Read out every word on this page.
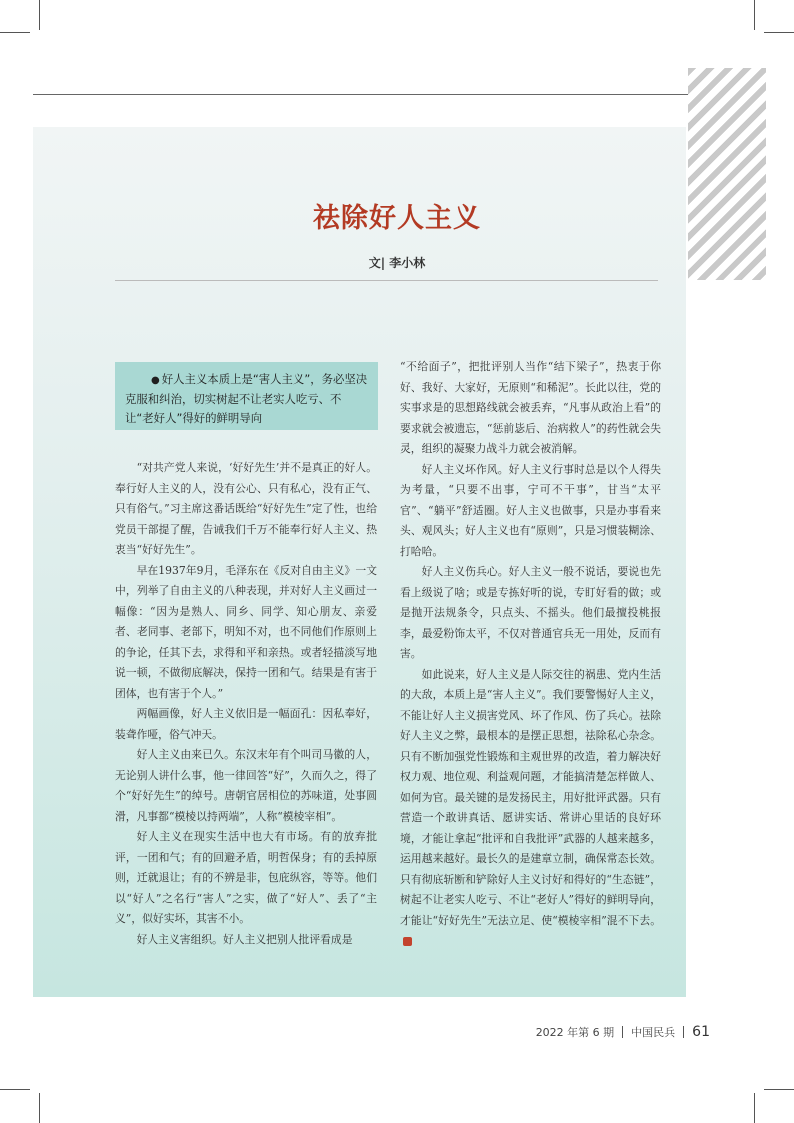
祛除好人主义
文| 李小林
● 好人主义本质上是“害人主义”，务必坚决克服和纠治，切实树起不让老实人吃亏、不让“老好人”得好的鲜明导向

“对共产党人来说，‘好好先生’并不是真正的好人。奉行好人主义的人，没有公心、只有私心，没有正气、只有俗气。”习主席这番话既给“好好先生”定了性，也给党员干部提了醒，告诫我们千万不能奉行好人主义、热衷当“好好先生”。

早在1937年9月，毛泽东在《反对自由主义》一文中，列举了自由主义的八种表现，并对好人主义画过一幅像：“因为是熟人、同乡、同学、知心朋友、亲爱者、老同事、老部下，明知不对，也不同他们作原则上的争论，任其下去，求得和平和亲热。或者轻描淡写地说一顿，不做彻底解决，保持一团和气。结果是有害于团体，也有害于个人。”

两幅画像，好人主义依旧是一幅面孔：因私奉好，装聋作哑，俗气冲天。

好人主义由来已久。东汉末年有个叫司马徽的人，无论别人讲什么事，他一律回答“好”，久而久之，得了个“好好先生”的绰号。唐朝官居相位的苏味道，处事圆滑，凡事都“模棱以持两端”，人称“模棱宰相”。

好人主义在现实生活中也大有市场。有的放弃批评，一团和气；有的回避矛盾，明哲保身；有的丢掉原则，迁就退让；有的不辨是非，包庇纵容，等等。他们以“好人”之名行“害人”之实，做了“好人”、丢了“主义”，似好实坏，其害不小。

好人主义害组织。好人主义把别人批评看成是

“不给面子”，把批评别人当作“结下梁子”，热衷于你好、我好、大家好，无原则“和稀泥”。长此以往，党的实事求是的思想路线就会被丢弃，“凡事从政治上看”的要求就会被遗忘，“惩前毖后、治病救人”的药性就会失灵，组织的凝聚力战斗力就会被消解。

好人主义坏作风。好人主义行事时总是以个人得失为考量，“只要不出事，宁可不干事”，甘当“太平官”、“躺平”舒适圈。好人主义也做事，只是办事看来头、观风头；好人主义也有“原则”，只是习惯装糊涂、打哈哈。

好人主义伤兵心。好人主义一般不说话，要说也先看上级说了啥；或是专拣好听的说，专盯好看的做；或是抛开法规条令，只点头、不摇头。他们最擅投桃报李，最爱粉饰太平，不仅对普通官兵无一用处，反而有害。

如此说来，好人主义是人际交往的祸患、党内生活的大敌，本质上是“害人主义”。我们要警惕好人主义，不能让好人主义损害党风、坏了作风、伤了兵心。祛除好人主义之弊，最根本的是摆正思想，祛除私心杂念。只有不断加强党性锻炼和主观世界的改造，着力解决好权力观、地位观、利益观问题，才能搞清楚怎样做人、如何为官。最关键的是发扬民主，用好批评武器。只有营造一个敢讲真话、愿讲实话、常讲心里话的良好环境，才能让拿起“批评和自我批评”武器的人越来越多，运用越来越好。最长久的是建章立制，确保常态长效。只有彻底斩断和铲除好人主义讨好和得好的“生态链”，树起不让老实人吃亏、不让“老好人”得好的鲜明导向，才能让“好好先生”无法立足、使“模棱宰相”混不下去。

2022 年第 6 期 中国民兵 61
